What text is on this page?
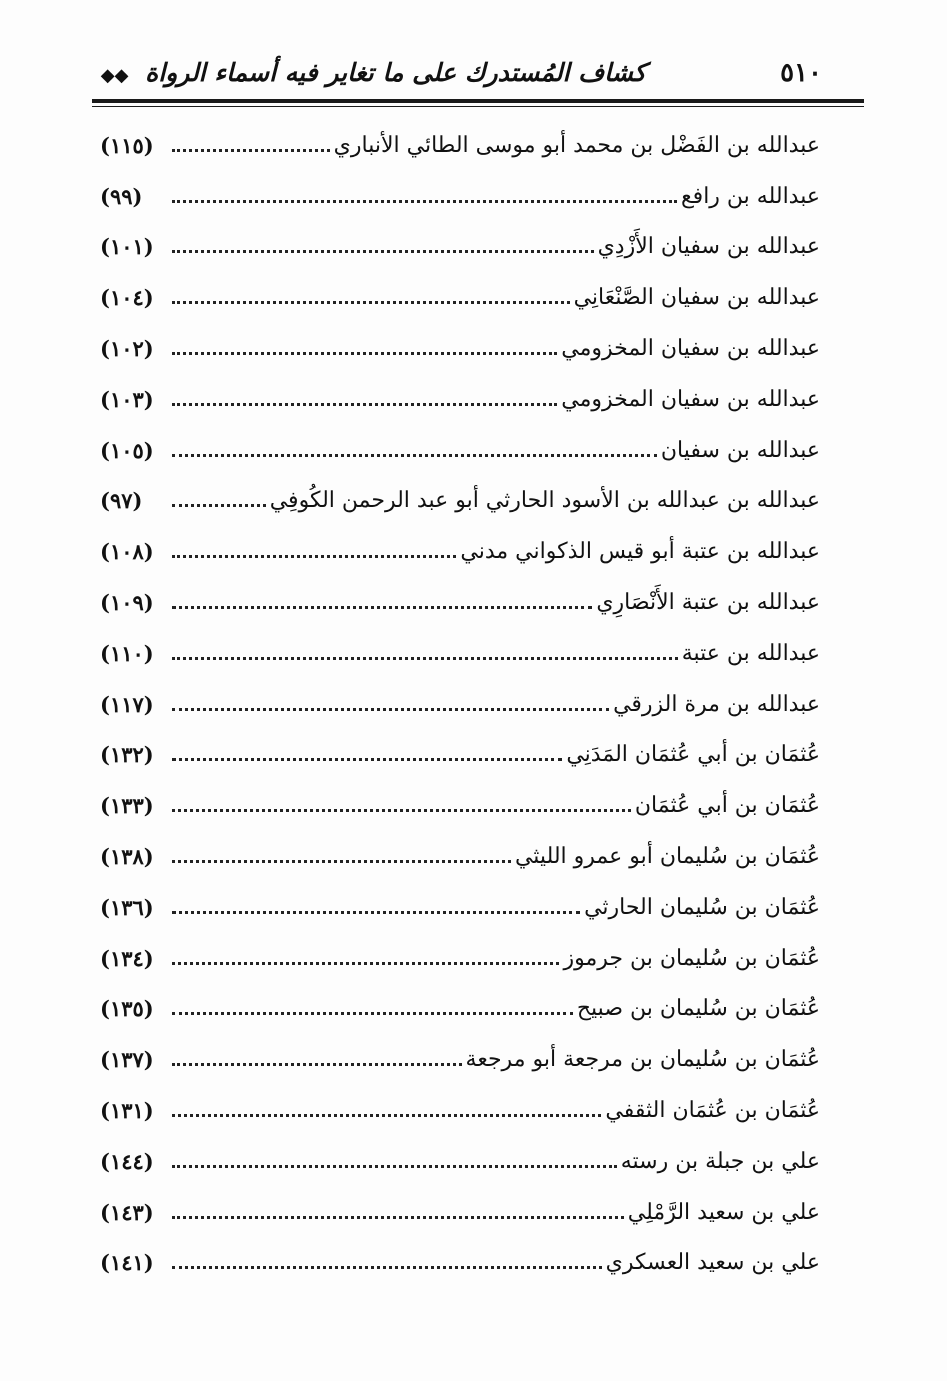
٥١٠
كشاف المُستدرك على ما تغاير فيه أسماء الرواة ◆◆
عبدالله بن الفَضْل بن محمد أبو موسى الطائي الأنباري
(١١٥)
عبدالله بن رافع
(٩٩)
عبدالله بن سفيان الأَزْدِي
(١٠١)
عبدالله بن سفيان الصَّنْعَانِي
(١٠٤)
عبدالله بن سفيان المخزومي
(١٠٢)
عبدالله بن سفيان المخزومي
(١٠٣)
عبدالله بن سفيان
(١٠٥)
عبدالله بن عبدالله بن الأسود الحارثي أبو عبد الرحمن الكُوفِي
(٩٧)
عبدالله بن عتبة أبو قيس الذكواني مدني
(١٠٨)
عبدالله بن عتبة الأَنْصَارِي
(١٠٩)
عبدالله بن عتبة
(١١٠)
عبدالله بن مرة الزرقي
(١١٧)
عُثمَان بن أبي عُثمَان المَدَنِي
(١٣٢)
عُثمَان بن أبي عُثمَان
(١٣٣)
عُثمَان بن سُليمان أبو عمرو الليثي
(١٣٨)
عُثمَان بن سُليمان الحارثي
(١٣٦)
عُثمَان بن سُليمان بن جرموز
(١٣٤)
عُثمَان بن سُليمان بن صبيح
(١٣٥)
عُثمَان بن سُليمان بن مرجعة أبو مرجعة
(١٣٧)
عُثمَان بن عُثمَان الثقفي
(١٣١)
علي بن جبلة بن رسته
(١٤٤)
علي بن سعيد الرَّمْلِي
(١٤٣)
علي بن سعيد العسكري
(١٤١)
